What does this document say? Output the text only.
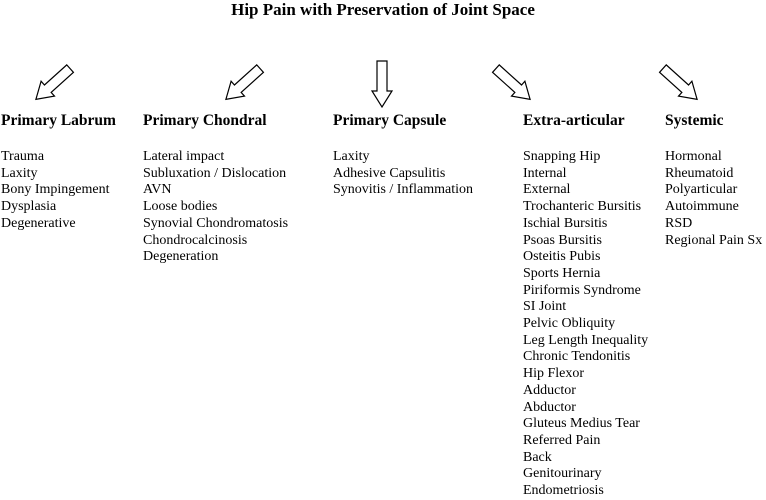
Hip Pain with Preservation of Joint Space
Primary Labrum
Trauma
Laxity
Bony Impingement
Dysplasia
Degenerative
Primary Chondral
Lateral impact
Subluxation / Dislocation
AVN
Loose bodies
Synovial Chondromatosis
Chondrocalcinosis
Degeneration
Primary Capsule
Laxity
Adhesive Capsulitis
Synovitis / Inflammation
Extra-articular
Snapping Hip
Internal
External
Trochanteric Bursitis
Ischial Bursitis
Psoas Bursitis
Osteitis Pubis
Sports Hernia
Piriformis Syndrome
SI Joint
Pelvic Obliquity
Leg Length Inequality
Chronic Tendonitis
Hip Flexor
Adductor
Abductor
Gluteus Medius Tear
Referred Pain
Back
Genitourinary
Endometriosis
Systemic
Hormonal
Rheumatoid
Polyarticular
Autoimmune
RSD
Regional Pain Sx
